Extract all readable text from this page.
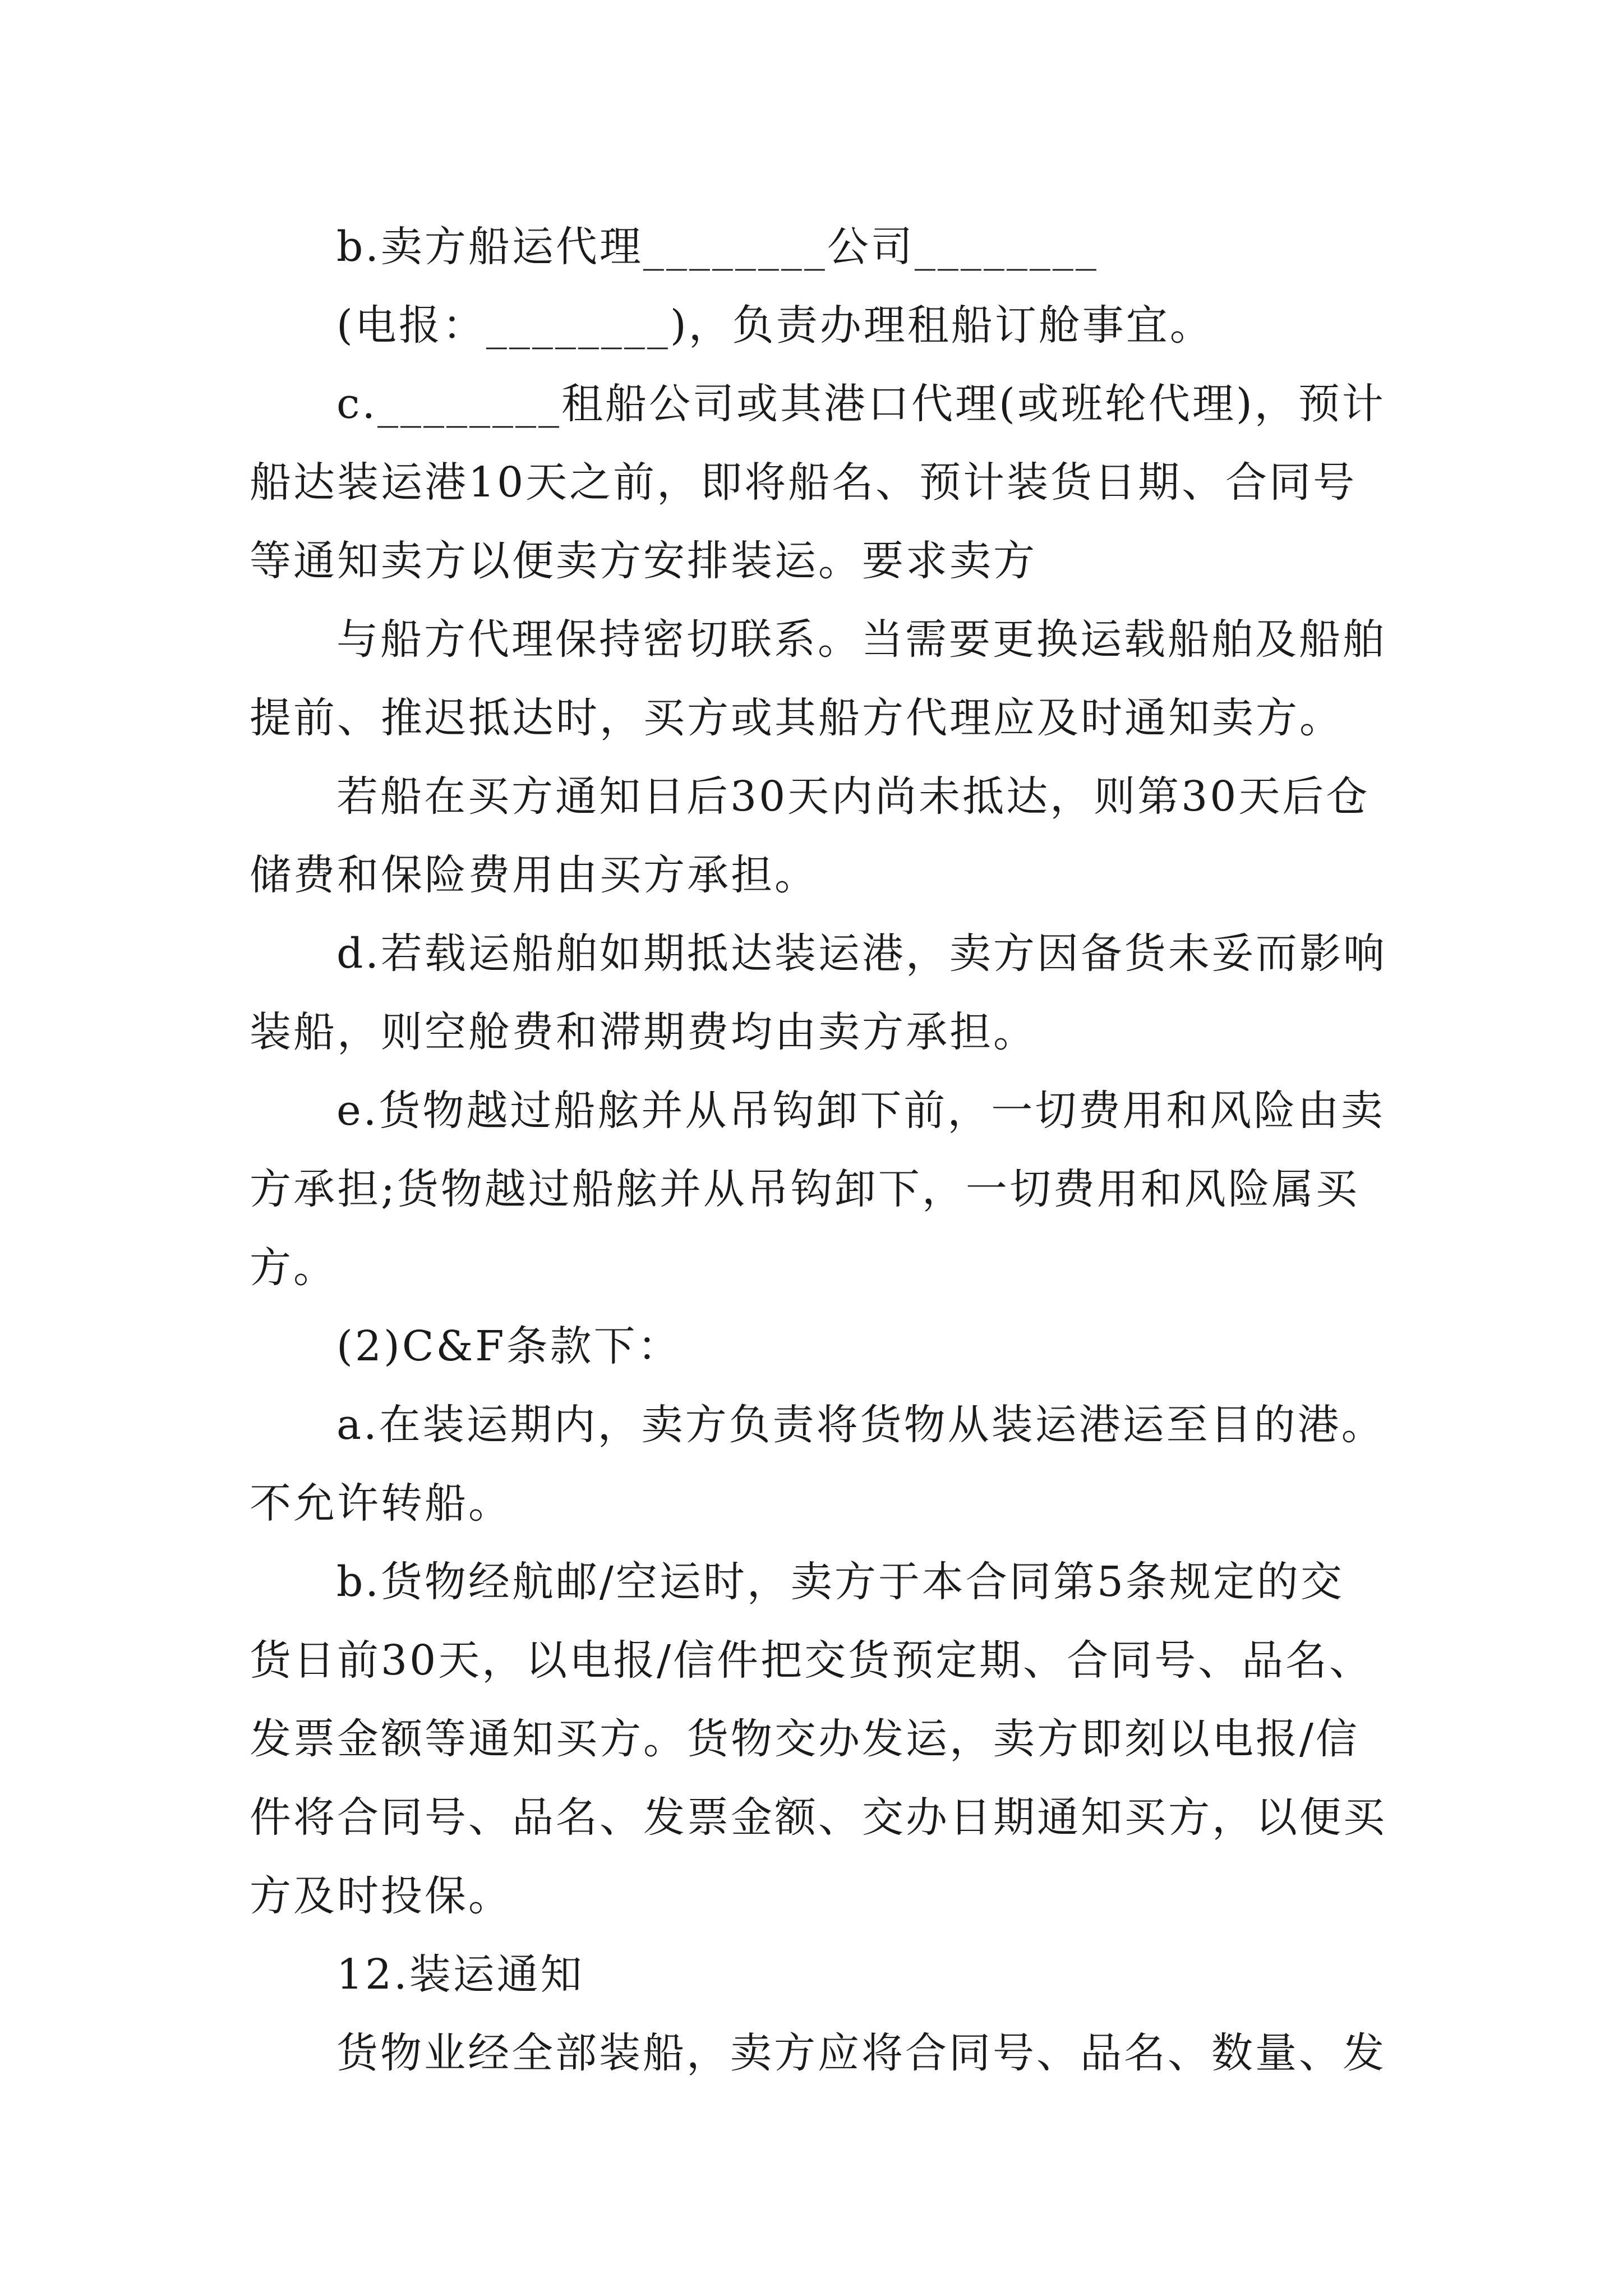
b.卖方船运代理________公司________
(电报：________)，负责办理租船订舱事宜。
c.________租船公司或其港口代理(或班轮代理)，预计
船达装运港10天之前，即将船名、预计装货日期、合同号
等通知卖方以便卖方安排装运。要求卖方
与船方代理保持密切联系。当需要更换运载船舶及船舶
提前、推迟抵达时，买方或其船方代理应及时通知卖方。
若船在买方通知日后30天内尚未抵达，则第30天后仓
储费和保险费用由买方承担。
d.若载运船舶如期抵达装运港，卖方因备货未妥而影响
装船，则空舱费和滞期费均由卖方承担。
e.货物越过船舷并从吊钩卸下前，一切费用和风险由卖
方承担;货物越过船舷并从吊钩卸下，一切费用和风险属买
方。
(2)C&F条款下：
a.在装运期内，卖方负责将货物从装运港运至目的港。
不允许转船。
b.货物经航邮/空运时，卖方于本合同第5条规定的交
货日前30天，以电报/信件把交货预定期、合同号、品名、
发票金额等通知买方。货物交办发运，卖方即刻以电报/信
件将合同号、品名、发票金额、交办日期通知买方，以便买
方及时投保。
12.装运通知
货物业经全部装船，卖方应将合同号、品名、数量、发
